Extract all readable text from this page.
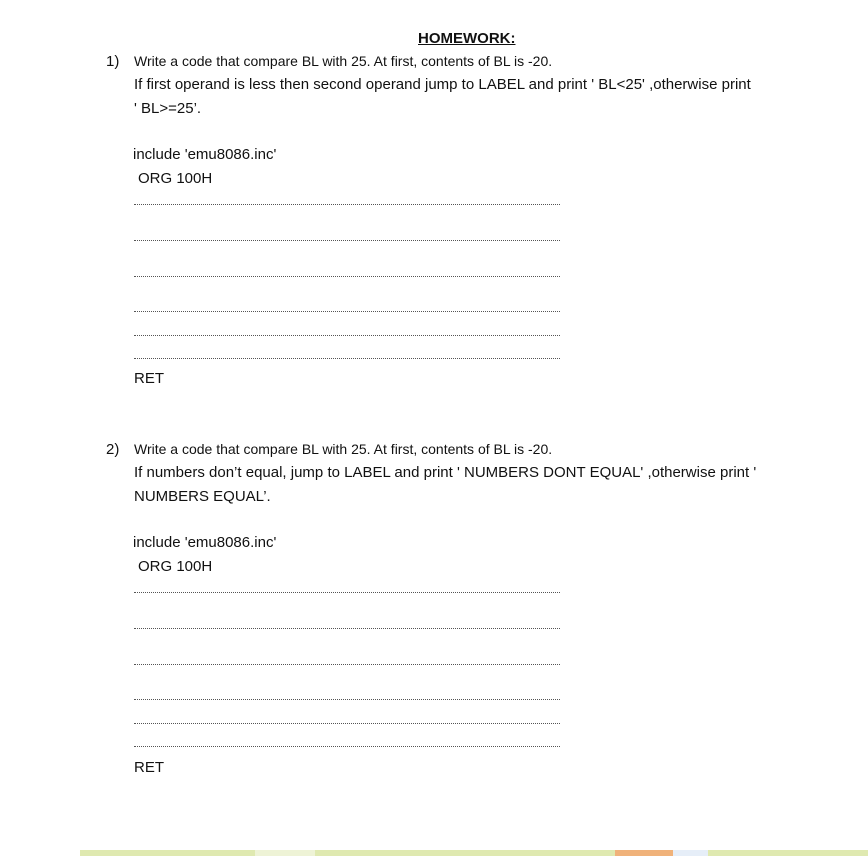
HOMEWORK:
1) Write a code that compare BL with 25. At first, contents of BL is -20.
If first operand is less then second operand jump to LABEL and print ' BL<25' ,otherwise print
' BL>=25’.
include 'emu8086.inc'
ORG 100H
RET
2) Write a code that compare BL with 25. At first, contents of BL is -20.
If numbers don’t equal, jump to LABEL and print ' NUMBERS DONT EQUAL' ,otherwise print '
NUMBERS EQUAL’.
include 'emu8086.inc'
ORG 100H
RET
